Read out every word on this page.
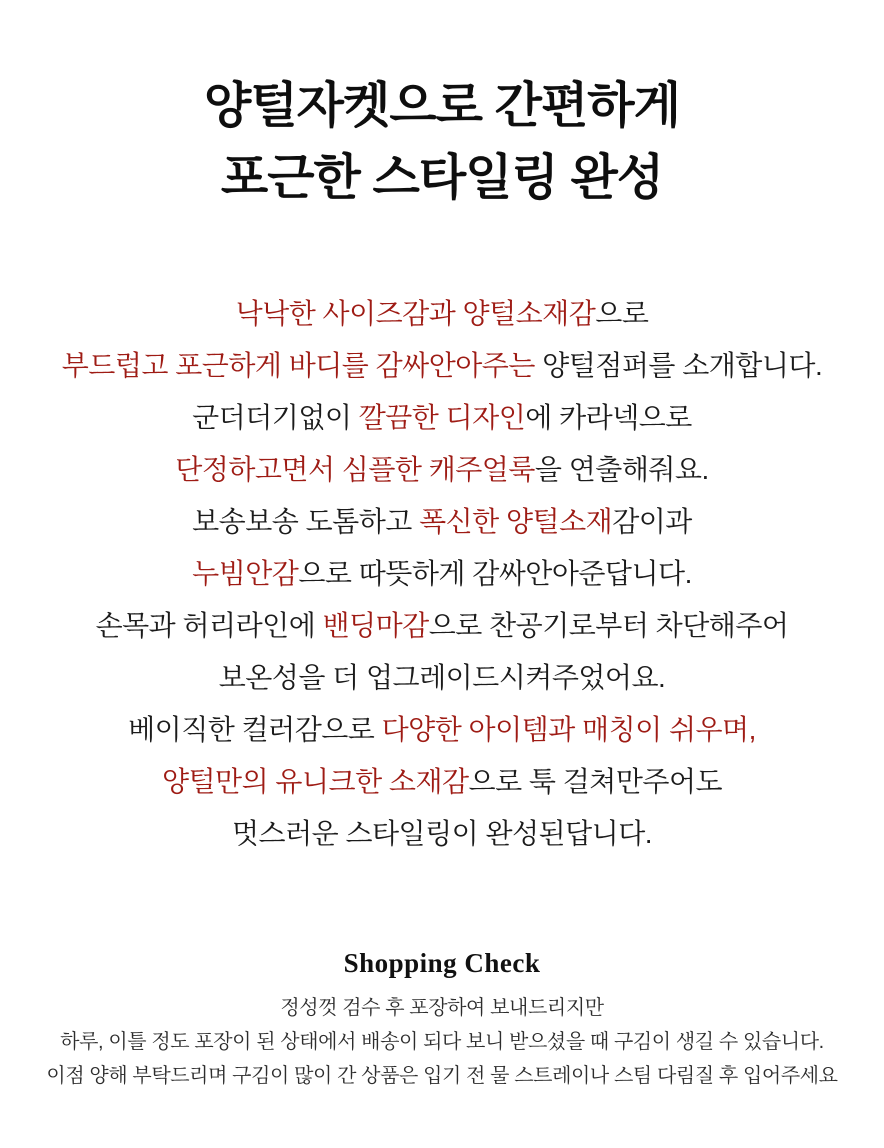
양털자켓으로 간편하게
포근한 스타일링 완성
낙낙한 사이즈감과 양털소재감으로
부드럽고 포근하게 바디를 감싸안아주는 양털점퍼를 소개합니다.
군더더기없이 깔끔한 디자인에 카라넥으로
단정하고면서 심플한 캐주얼룩을 연출해줘요.
보송보송 도톰하고 폭신한 양털소재감이과
누빔안감으로 따뜻하게 감싸안아준답니다.
손목과 허리라인에 밴딩마감으로 찬공기로부터 차단해주어
보온성을 더 업그레이드시켜주었어요.
베이직한 컬러감으로 다양한 아이템과 매칭이 쉬우며,
양털만의 유니크한 소재감으로 툭 걸쳐만주어도
멋스러운 스타일링이 완성된답니다.
Shopping Check
정성껏 검수 후 포장하여 보내드리지만
하루, 이틀 정도 포장이 된 상태에서 배송이 되다 보니 받으셨을 때 구김이 생길 수 있습니다.
이점 양해 부탁드리며 구김이 많이 간 상품은 입기 전 물 스트레이나 스팀 다림질 후 입어주세요
